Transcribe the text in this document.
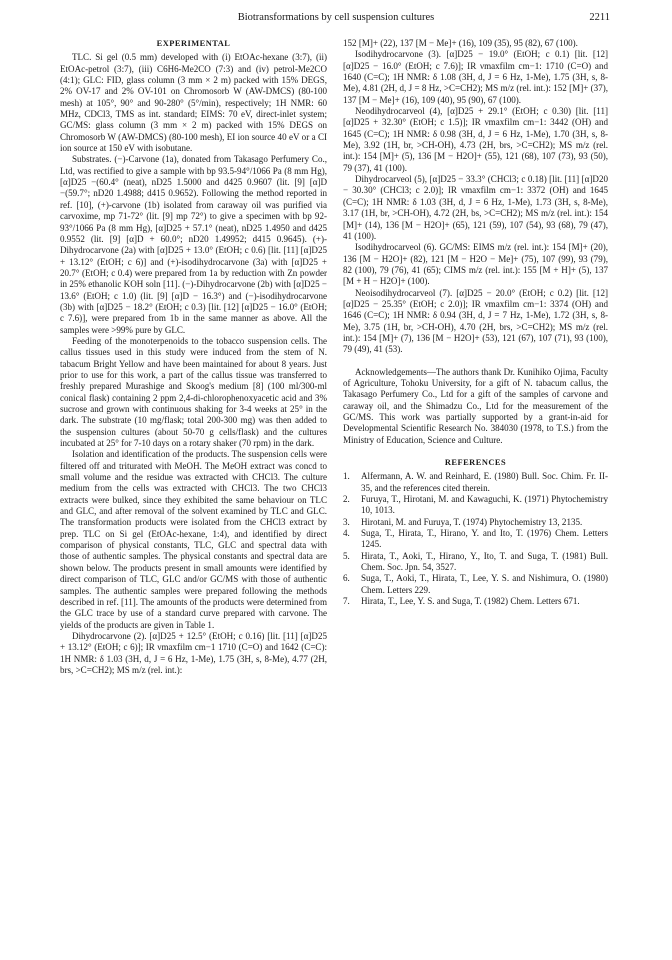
Biotransformations by cell suspension cultures	2211
EXPERIMENTAL

TLC. Si gel (0.5 mm) developed with (i) EtOAc-hexane (3:7), (ii) EtOAc-petrol (3:7), (iii) C6H6-Me2CO (7:3) and (iv) petrol-Me2CO (4:1); GLC: FID, glass column (3 mm × 2 m) packed with 15% DEGS, 2% OV-17 and 2% OV-101 on Chromosorb W (AW-DMCS) (80-100 mesh) at 105°, 90° and 90-280° (5°/min), respectively; 1H NMR: 60 MHz, CDCl3, TMS as int. standard; EIMS: 70 eV, direct-inlet system; GC/MS: glass column (3 mm × 2 m) packed with 15% DEGS on Chromosorb W (AW-DMCS) (80-100 mesh), EI ion source 40 eV or a CI ion source at 150 eV with isobutane.

Substrates. (−)-Carvone (1a), donated from Takasago Perfumery Co., Ltd, was rectified to give a sample with bp 93.5-94°/1066 Pa (8 mm Hg), [α]D25 −(60.4° (neat), nD25 1.5000 and d425 0.9607 (lit. [9] [α]D −(59.7°; nD20 1.4988; d415 0.9652). Following the method reported in ref. [10], (+)-carvone (1b) isolated from caraway oil was purified via carvoxime, mp 71-72° (lit. [9] mp 72°) to give a specimen with bp 92-93°/1066 Pa (8 mm Hg), [α]D25 + 57.1° (neat), nD25 1.4950 and d425 0.9552 (lit. [9] [α]D + 60.0°; nD20 1.49952; d415 0.9645). (+)-Dihydrocarvone (2a) with [α]D25 + 13.0° (EtOH; c 0.6) [lit. [11] [α]D25 + 13.12° (EtOH; c 6)] and (+)-isodihydrocarvone (3a) with [α]D25 + 20.7° (EtOH; c 0.4) were prepared from 1a by reduction with Zn powder in 25% ethanolic KOH soln [11]. (−)-Dihydrocarvone (2b) with [α]D25 − 13.6° (EtOH; c 1.0) (lit. [9] [α]D − 16.3°) and (−)-isodihydrocarvone (3b) with [α]D25 − 18.2° (EtOH; c 0.3) [lit. [12] [α]D25 − 16.0° (EtOH; c 7.6)], were prepared from 1b in the same manner as above. All the samples were >99% pure by GLC.

Feeding of the monoterpenoids to the tobacco suspension cells. The callus tissues used in this study were induced from the stem of N. tabacum Bright Yellow and have been maintained for about 8 years. Just prior to use for this work, a part of the callus tissue was transferred to freshly prepared Murashige and Skoog's medium [8] (100 ml/300-ml conical flask) containing 2 ppm 2,4-di-chlorophenoxyacetic acid and 3% sucrose and grown with continuous shaking for 3-4 weeks at 25° in the dark. The substrate (10 mg/flask; total 200-300 mg) was then added to the suspension cultures (about 50-70 g cells/flask) and the cultures incubated at 25° for 7-10 days on a rotary shaker (70 rpm) in the dark.

Isolation and identification of the products. The suspension cells were filtered off and triturated with MeOH. The MeOH extract was concd to small volume and the residue was extracted with CHCl3. The culture medium from the cells was extracted with CHCl3. The two CHCl3 extracts were bulked, since they exhibited the same behaviour on TLC and GLC, and after removal of the solvent examined by TLC and GLC. The transformation products were isolated from the CHCl3 extract by prep. TLC on Si gel (EtOAc-hexane, 1:4), and identified by direct comparison of physical constants, TLC, GLC and spectral data with those of authentic samples. The physical constants and spectral data are shown below. The products present in small amounts were identified by direct comparison of TLC, GLC and/or GC/MS with those of authentic samples. The authentic samples were prepared following the methods described in ref. [11]. The amounts of the products were determined from the GLC trace by use of a standard curve prepared with carvone. The yields of the products are given in Table 1.

Dihydrocarvone (2). [α]D25 + 12.5° (EtOH; c 0.16) [lit. [11] [α]D25 + 13.12° (EtOH; c 6)]; IR νmaxfilm cm−1 1710 (C=O) and 1642 (C=C): 1H NMR: δ 1.03 (3H, d, J = 6 Hz, 1-Me), 1.75 (3H, s, 8-Me), 4.77 (2H, brs, >C=CH2); MS m/z (rel. int.):

152 [M]+ (22), 137 [M − Me]+ (16), 109 (35), 95 (82), 67 (100).

Isodihydrocarvone (3). [α]D25 − 19.0° (EtOH; c 0.1) [lit. [12] [α]D25 − 16.0° (EtOH; c 7.6)]; IR νmaxfilm cm−1: 1710 (C=O) and 1640 (C=C); 1H NMR: δ 1.08 (3H, d, J = 6 Hz, 1-Me), 1.75 (3H, s, 8-Me), 4.81 (2H, d, J = 8 Hz, >C=CH2); MS m/z (rel. int.): 152 [M]+ (37), 137 [M − Me]+ (16), 109 (40), 95 (90), 67 (100).

Neodihydrocarveol (4), [α]D25 + 29.1° (EtOH; c 0.30) [lit. [11] [α]D25 + 32.30° (EtOH; c 1.5)]; IR νmaxfilm cm−1: 3442 (OH) and 1645 (C=C); 1H NMR: δ 0.98 (3H, d, J = 6 Hz, 1-Me), 1.70 (3H, s, 8-Me), 3.92 (1H, br, >CH-OH), 4.73 (2H, brs, >C=CH2); MS m/z (rel. int.): 154 [M]+ (5), 136 [M − H2O]+ (55), 121 (68), 107 (73), 93 (50), 79 (37), 41 (100).

Dihydrocarveol (5), [α]D25 − 33.3° (CHCl3; c 0.18) [lit. [11] [α]D20 − 30.30° (CHCl3; c 2.0)]; IR νmaxfilm cm−1: 3372 (OH) and 1645 (C=C); 1H NMR: δ 1.03 (3H, d, J = 6 Hz, 1-Me), 1.73 (3H, s, 8-Me), 3.17 (1H, br, >CH-OH), 4.72 (2H, bs, >C=CH2); MS m/z (rel. int.): 154 [M]+ (14), 136 [M − H2O]+ (65), 121 (59), 107 (54), 93 (68), 79 (47), 41 (100).

Isodihydrocarveol (6). GC/MS: EIMS m/z (rel. int.): 154 [M]+ (20), 136 [M − H2O]+ (82), 121 [M − H2O − Me]+ (75), 107 (99), 93 (79), 82 (100), 79 (76), 41 (65); CIMS m/z (rel. int.): 155 [M + H]+ (5), 137 [M + H − H2O]+ (100).

Neoisodihydrocarveol (7). [α]D25 − 20.0° (EtOH; c 0.2) [lit. [12] [α]D25 − 25.35° (EtOH; c 2.0)]; IR νmaxfilm cm−1: 3374 (OH) and 1646 (C=C); 1H NMR: δ 0.94 (3H, d, J = 7 Hz, 1-Me), 1.72 (3H, s, 8-Me), 3.75 (1H, br, >CH-OH), 4.70 (2H, brs, >C=CH2); MS m/z (rel. int.): 154 [M]+ (7), 136 [M − H2O]+ (53), 121 (67), 107 (71), 93 (100), 79 (49), 41 (53).

Acknowledgements—The authors thank Dr. Kunihiko Ojima, Faculty of Agriculture, Tohoku University, for a gift of N. tabacum callus, the Takasago Perfumery Co., Ltd for a gift of the samples of carvone and caraway oil, and the Shimadzu Co., Ltd for the measurement of the GC/MS. This work was partially supported by a grant-in-aid for Developmental Scientific Research No. 384030 (1978, to T.S.) from the Ministry of Education, Science and Culture.

REFERENCES
1. Alfermann, A. W. and Reinhard, E. (1980) Bull. Soc. Chim. Fr. II-35, and the references cited therein.
2. Furuya, T., Hirotani, M. and Kawaguchi, K. (1971) Phytochemistry 10, 1013.
3. Hirotani, M. and Furuya, T. (1974) Phytochemistry 13, 2135.
4. Suga, T., Hirata, T., Hirano, Y. and Ito, T. (1976) Chem. Letters 1245.
5. Hirata, T., Aoki, T., Hirano, Y., Ito, T. and Suga, T. (1981) Bull. Chem. Soc. Jpn. 54, 3527.
6. Suga, T., Aoki, T., Hirata, T., Lee, Y. S. and Nishimura, O. (1980) Chem. Letters 229.
7. Hirata, T., Lee, Y. S. and Suga, T. (1982) Chem. Letters 671.
